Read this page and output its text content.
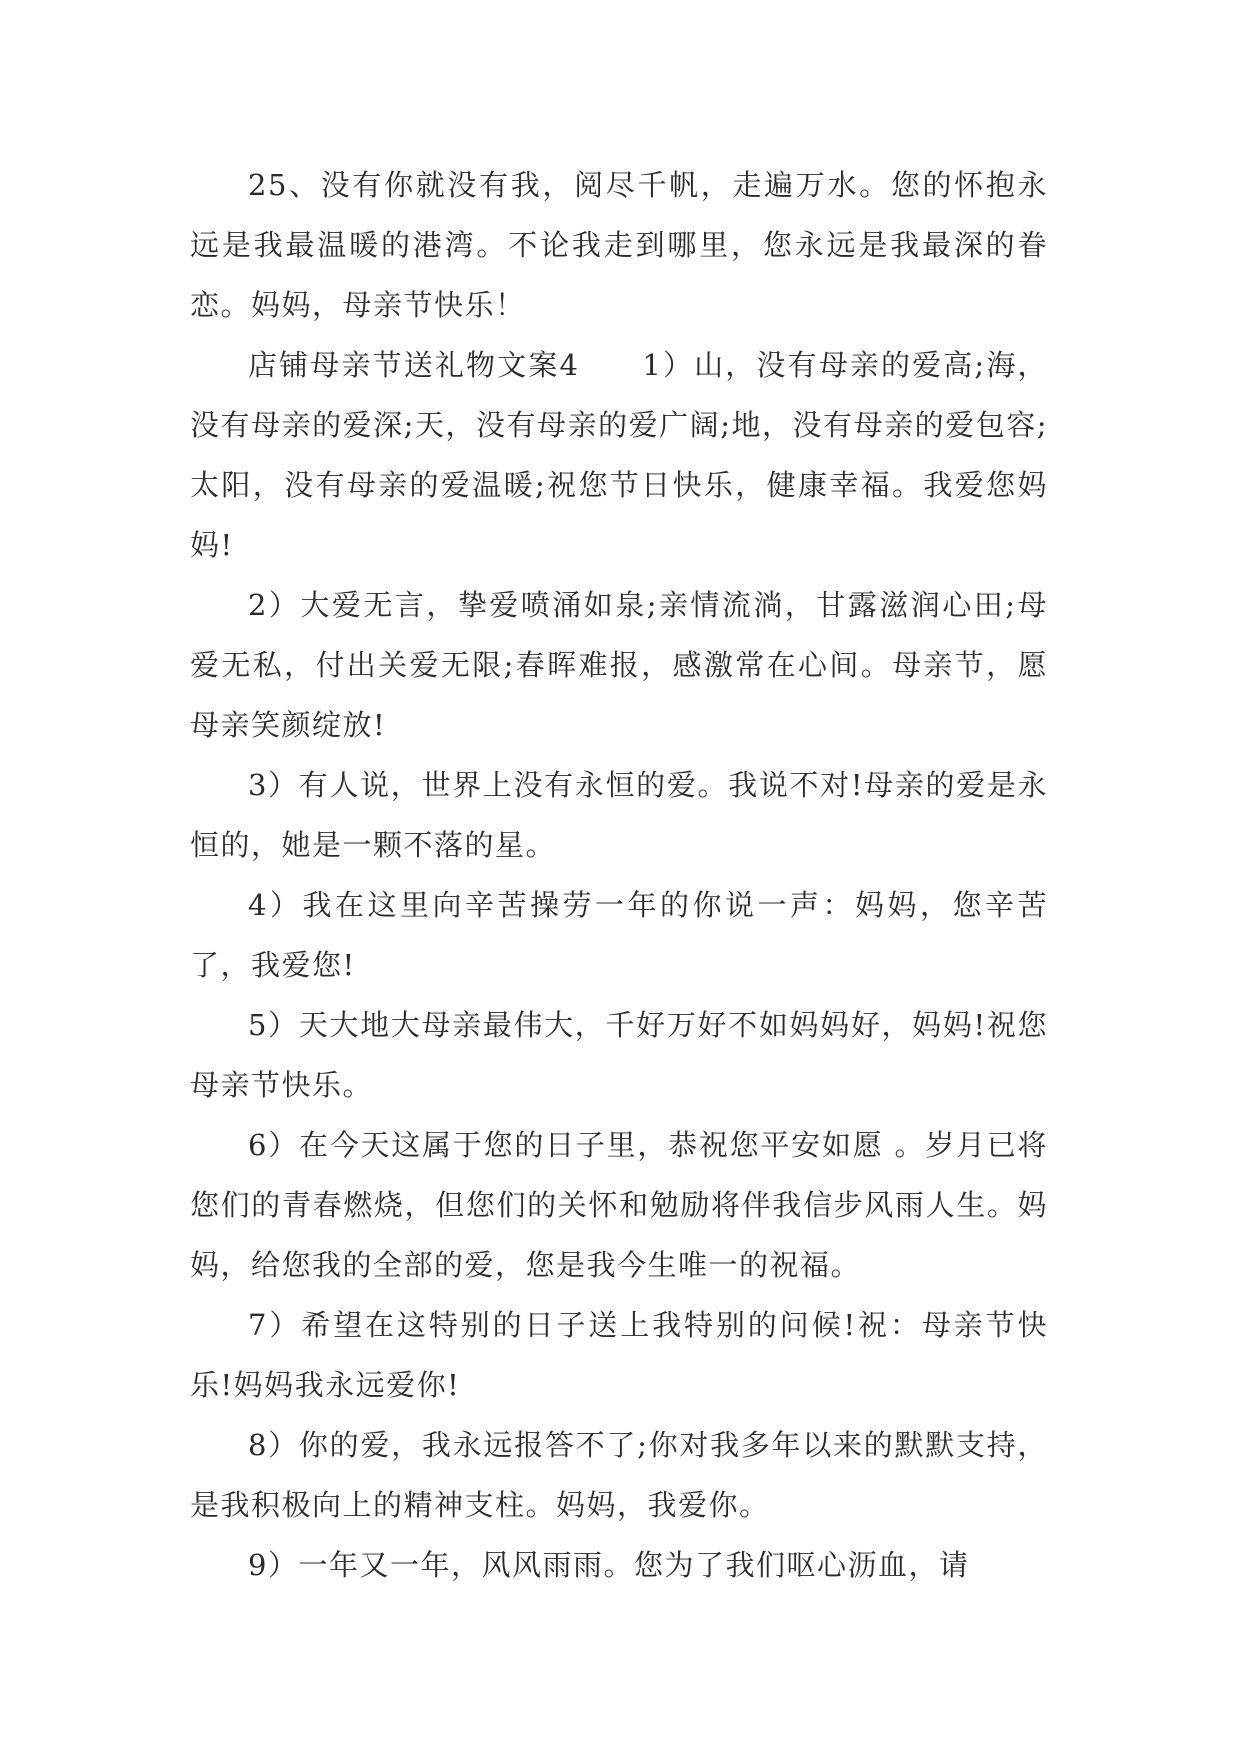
25、没有你就没有我，阅尽千帆，走遍万水。您的怀抱永远是我最温暖的港湾。不论我走到哪里，您永远是我最深的眷恋。妈妈，母亲节快乐！

店铺母亲节送礼物文案4　　1）山，没有母亲的爱高;海，没有母亲的爱深;天，没有母亲的爱广阔;地，没有母亲的爱包容;太阳，没有母亲的爱温暖;祝您节日快乐，健康幸福。我爱您妈妈!

2）大爱无言，挚爱喷涌如泉;亲情流淌，甘露滋润心田;母爱无私，付出关爱无限;春晖难报，感激常在心间。母亲节，愿母亲笑颜绽放!

3）有人说，世界上没有永恒的爱。我说不对!母亲的爱是永恒的，她是一颗不落的星。

4）我在这里向辛苦操劳一年的你说一声：妈妈，您辛苦了，我爱您!

5）天大地大母亲最伟大，千好万好不如妈妈好，妈妈!祝您母亲节快乐。

6）在今天这属于您的日子里，恭祝您平安如愿 。岁月已将您们的青春燃烧，但您们的关怀和勉励将伴我信步风雨人生。妈妈，给您我的全部的爱，您是我今生唯一的祝福。

7）希望在这特别的日子送上我特别的问候!祝：母亲节快乐!妈妈我永远爱你!

8）你的爱，我永远报答不了;你对我多年以来的默默支持，是我积极向上的精神支柱。妈妈，我爱你。

9）一年又一年，风风雨雨。您为了我们呕心沥血，请
